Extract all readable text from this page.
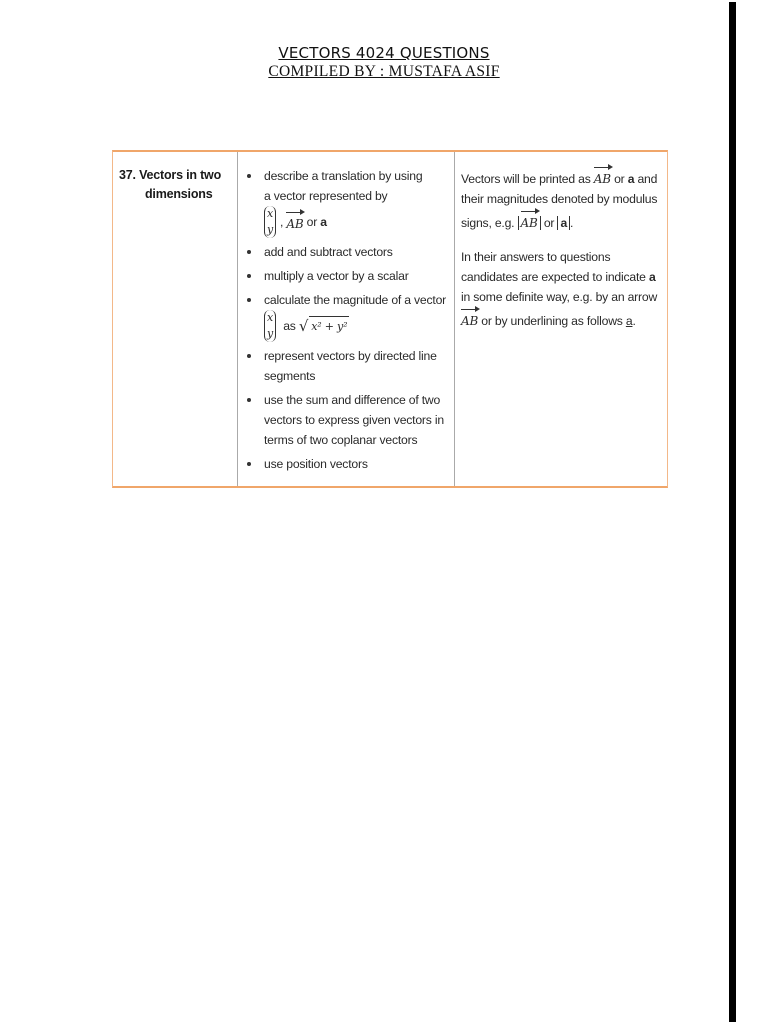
VECTORS 4024 QUESTIONS
COMPILED BY : MUSTAFA ASIF
37. Vectors in two
dimensions
describe a translation by using
a vector represented by

x
y
, AB
or
a
add and subtract vectors
multiply a vector by a scalar
calculate the magnitude of a vector

x
y

as
√ x² + y²
represent vectors by directed line segments
use the sum and difference of two vectors to express given vectors in terms of two coplanar vectors
use position vectors

Vectors will be printed as AB or a and their magnitudes denoted by modulus signs, e.g. AB or a .

In their answers to questions candidates are expected to indicate a in some definite way, e.g. by an arrow AB or by underlining as follows a.
